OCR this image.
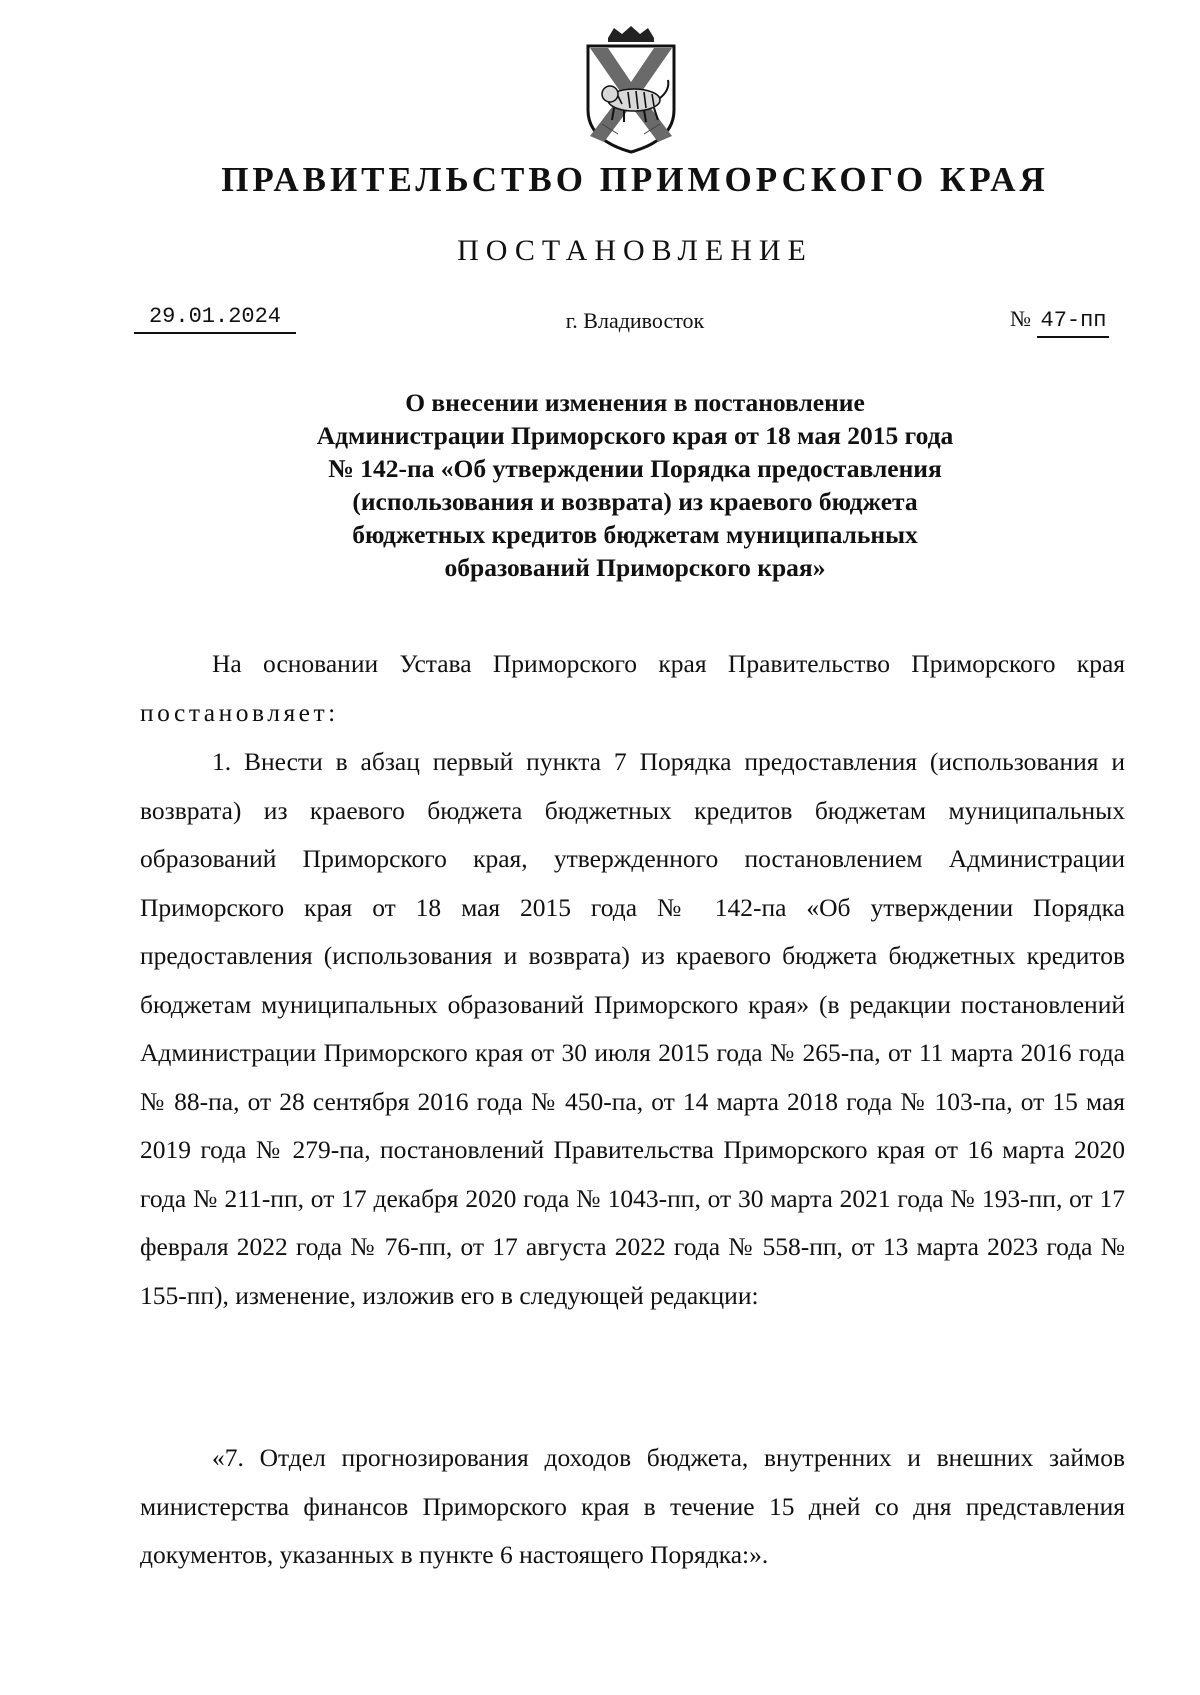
ПРАВИТЕЛЬСТВО ПРИМОРСКОГО КРАЯ
ПОСТАНОВЛЕНИЕ
29.01.2024	г. Владивосток	№ 47-пп
О внесении изменения в постановление
Администрации Приморского края от 18 мая 2015 года
№ 142-па «Об утверждении Порядка предоставления
(использования и возврата) из краевого бюджета
бюджетных кредитов бюджетам муниципальных
образований Приморского края»
На основании Устава Приморского края Правительство Приморского края постановляет:
1. Внести в абзац первый пункта 7 Порядка предоставления (использования и возврата) из краевого бюджета бюджетных кредитов бюджетам муниципальных образований Приморского края, утвержденного постановлением Администрации Приморского края от 18 мая 2015 года № 142-па «Об утверждении Порядка предоставления (использования и возврата) из краевого бюджета бюджетных кредитов бюджетам муниципальных образований Приморского края» (в редакции постановлений Администрации Приморского края от 30 июля 2015 года № 265-па, от 11 марта 2016 года № 88-па, от 28 сентября 2016 года № 450-па, от 14 марта 2018 года № 103-па, от 15 мая 2019 года № 279-па, постановлений Правительства Приморского края от 16 марта 2020 года № 211-пп, от 17 декабря 2020 года № 1043-пп, от 30 марта 2021 года № 193-пп, от 17 февраля 2022 года № 76-пп, от 17 августа 2022 года № 558-пп, от 13 марта 2023 года № 155-пп), изменение, изложив его в следующей редакции:
«7. Отдел прогнозирования доходов бюджета, внутренних и внешних займов министерства финансов Приморского края в течение 15 дней со дня представления документов, указанных в пункте 6 настоящего Порядка:».
